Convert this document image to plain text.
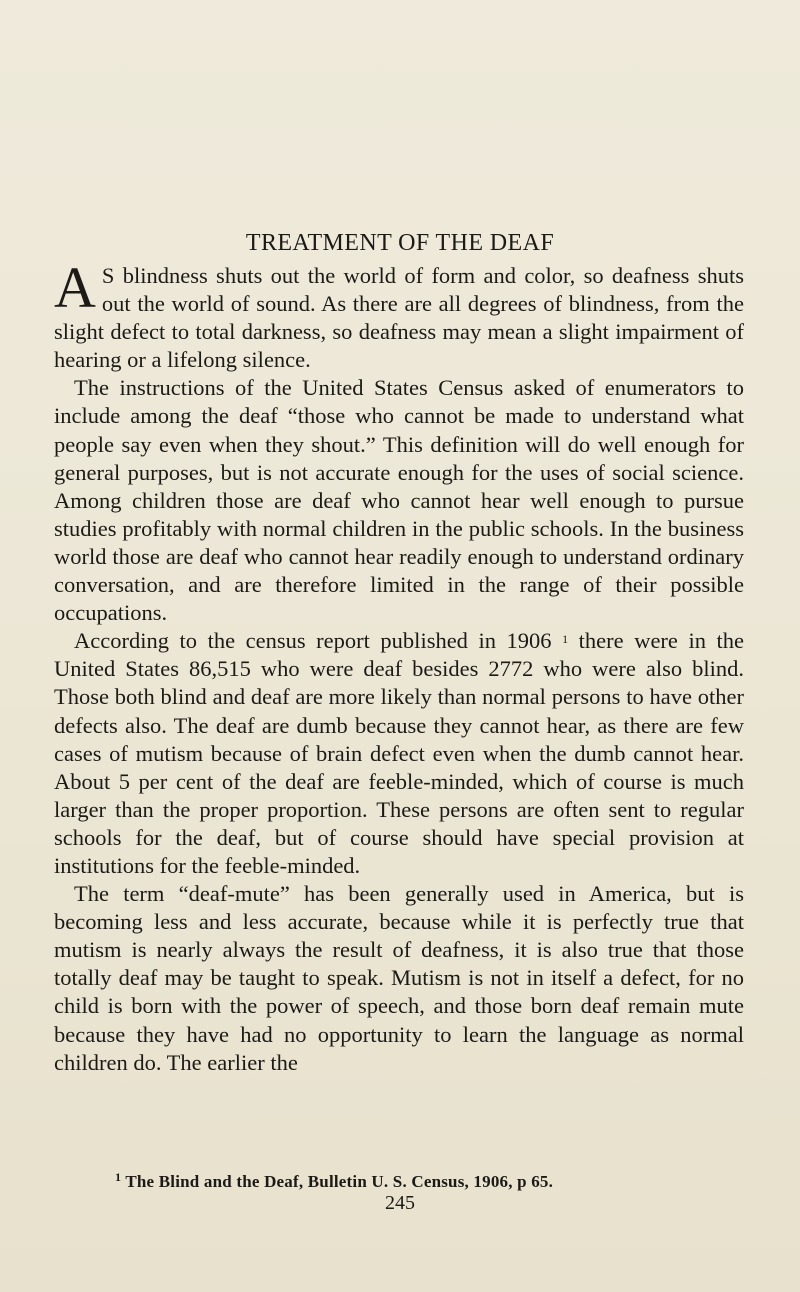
TREATMENT OF THE DEAF

A S blindness shuts out the world of form and color, so deafness shuts out the world of sound. As there are all degrees of blindness, from the slight defect to total darkness, so deafness may mean a slight impairment of hearing or a lifelong silence.

The instructions of the United States Census asked of enumerators to include among the deaf “those who cannot be made to understand what people say even when they shout.” This definition will do well enough for general purposes, but is not accurate enough for the uses of social science. Among children those are deaf who cannot hear well enough to pursue studies profitably with normal children in the public schools. In the business world those are deaf who cannot hear readily enough to understand ordinary conversation, and are therefore limited in the range of their possible occupations.

According to the census report published in 1906 $^1$ there were in the United States 86,515 who were deaf besides 2772 who were also blind. Those both blind and deaf are more likely than normal persons to have other defects also. The deaf are dumb because they cannot hear, as there are few cases of mutism because of brain defect even when the dumb cannot hear. About 5 per cent of the deaf are feeble-minded, which of course is much larger than the proper proportion. These persons are often sent to regular schools for the deaf, but of course should have special provision at institutions for the feeble-minded.

The term “deaf-mute” has been generally used in America, but is becoming less and less accurate, because while it is perfectly true that mutism is nearly always the result of deafness, it is also true that those totally deaf may be taught to speak. Mutism is not in itself a defect, for no child is born with the power of speech, and those born deaf remain mute because they have had no opportunity to learn the language as normal children do. The earlier the

$^1$ The Blind and the Deaf, Bulletin U. S. Census, 1906, p 65.
245
